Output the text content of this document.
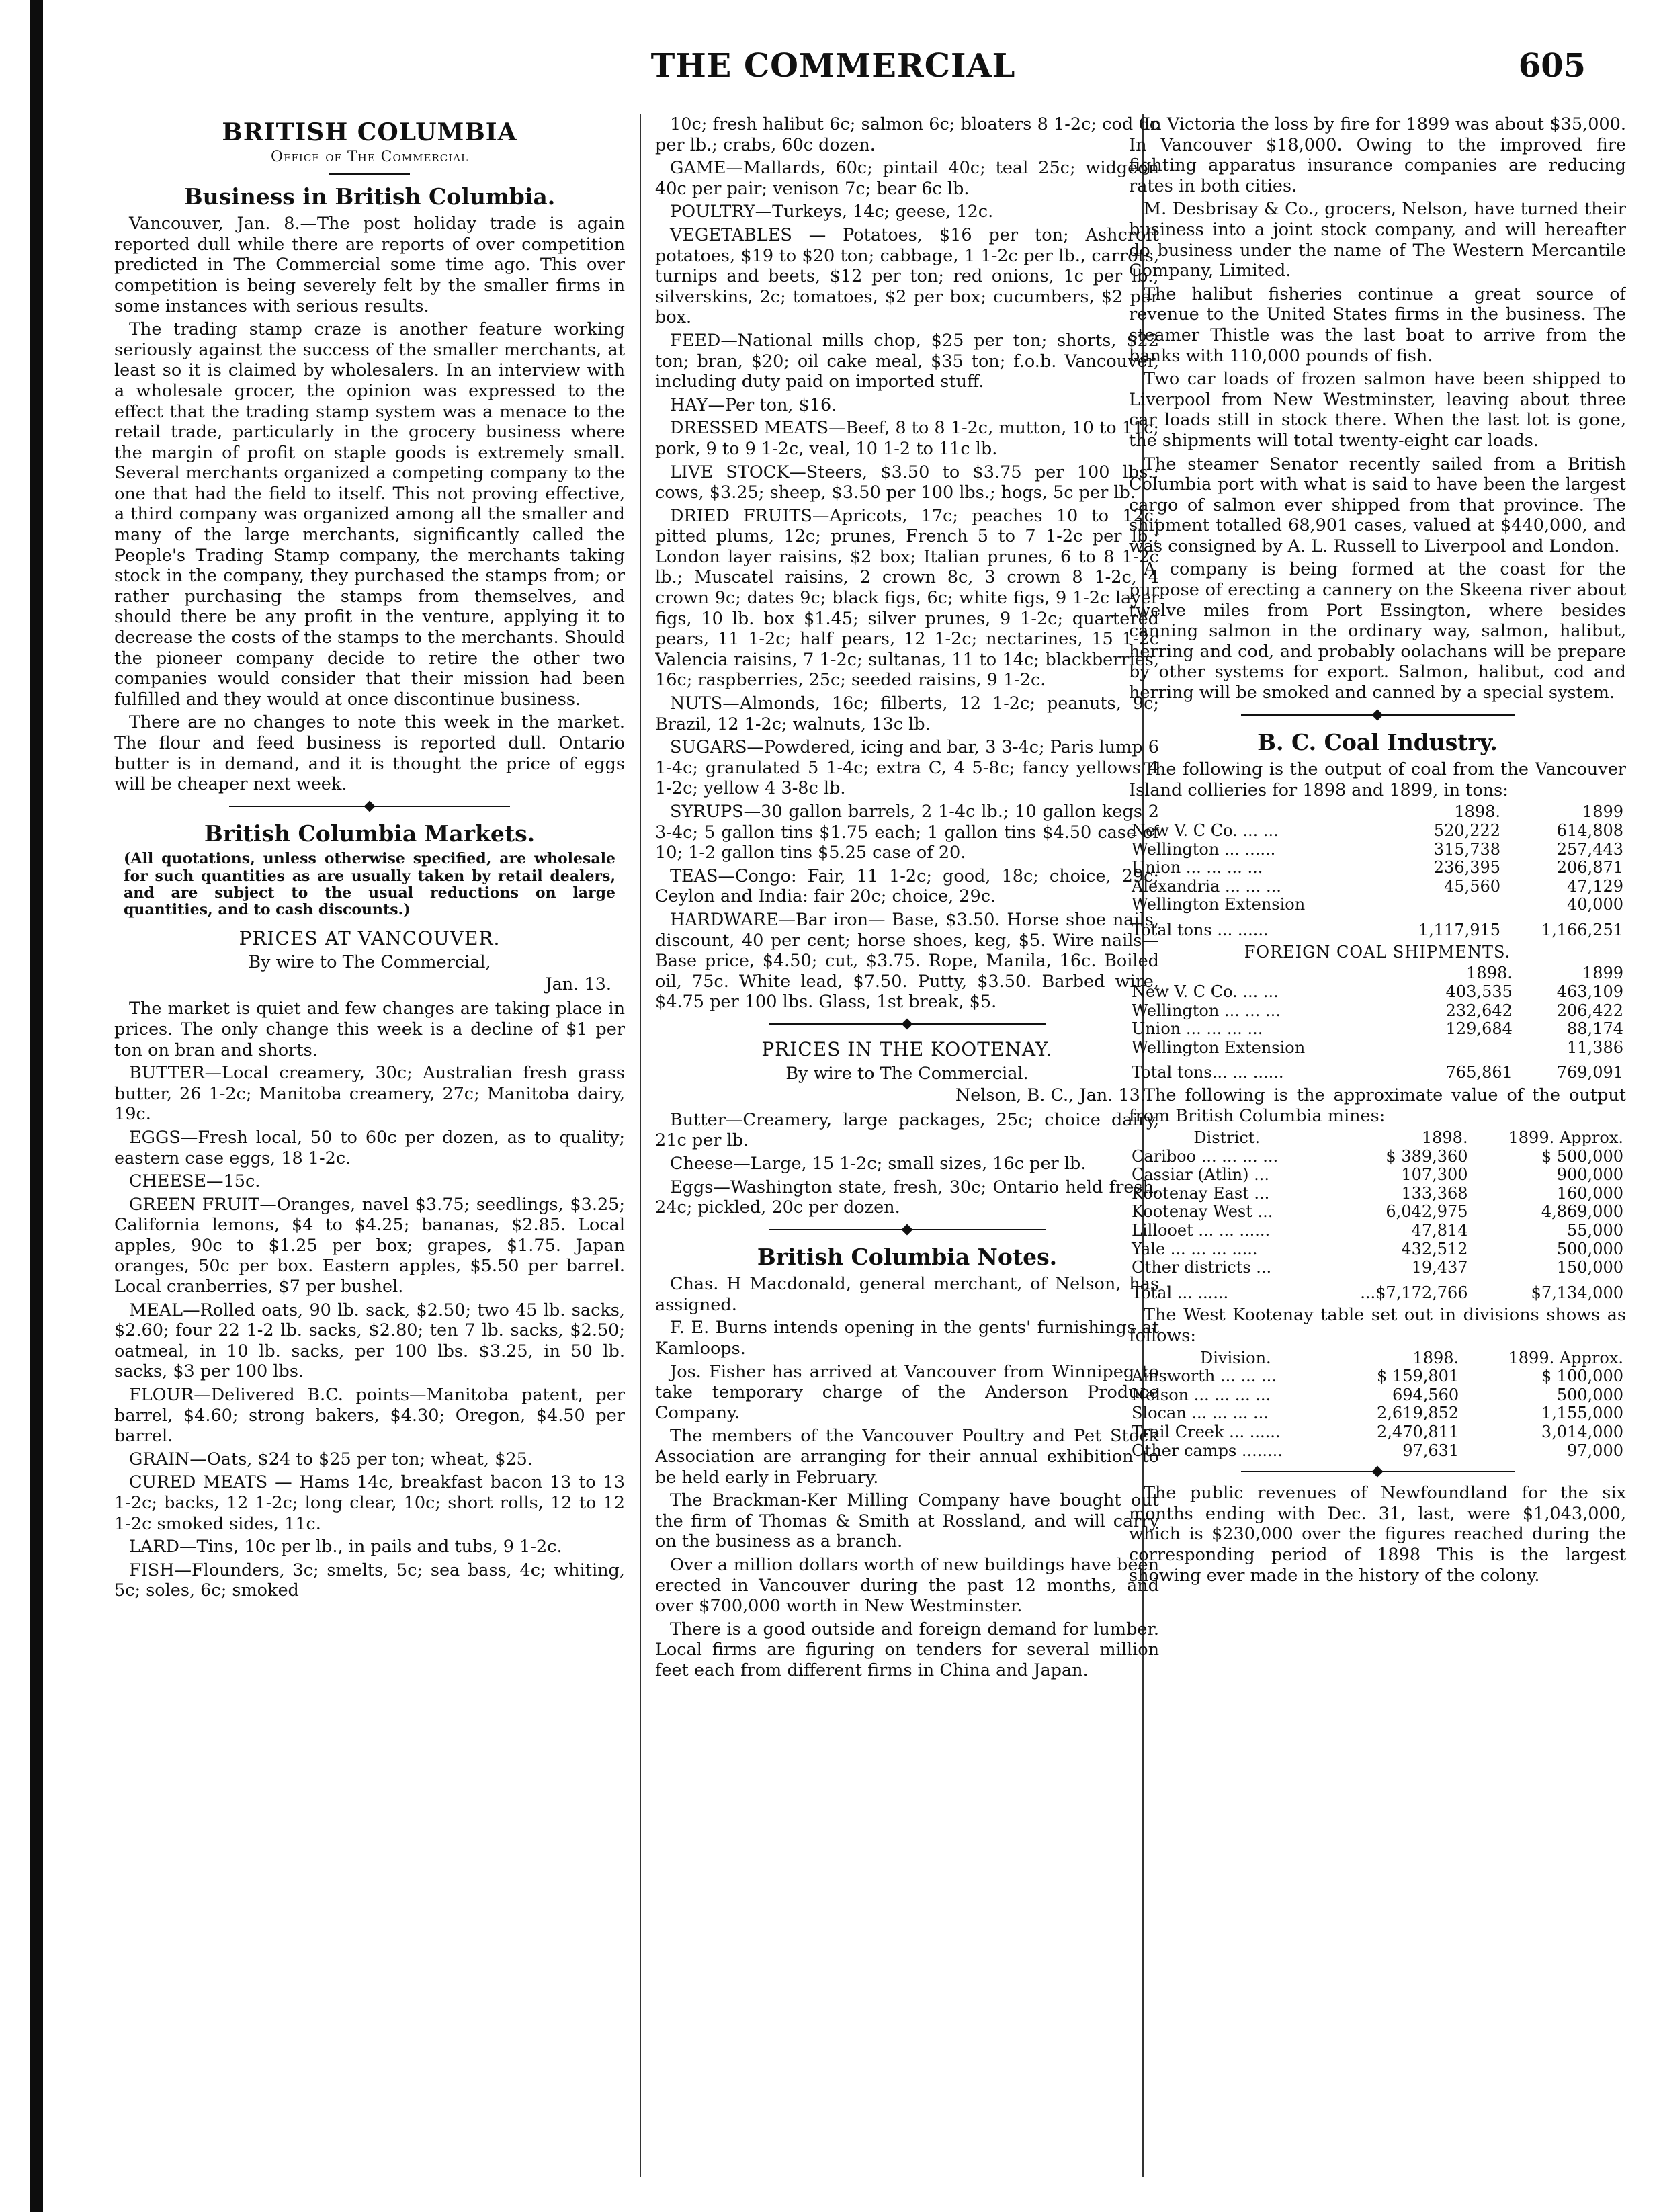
THE COMMERCIAL	605
BRITISH COLUMBIA
Office of The Commercial
Business in British Columbia.

Vancouver, Jan. 8.—The post holiday trade is again reported dull while there are reports of over competition predicted in The Commercial some time ago. This over competition is being severely felt by the smaller firms in some instances with serious results.

The trading stamp craze is another feature working seriously against the success of the smaller merchants, at least so it is claimed by wholesalers. In an interview with a wholesale grocer, the opinion was expressed to the effect that the trading stamp system was a menace to the retail trade, particularly in the grocery business where the margin of profit on staple goods is extremely small. Several merchants organized a competing company to the one that had the field to itself. This not proving effective, a third company was organized among all the smaller and many of the large merchants, significantly called the People's Trading Stamp company, the merchants taking stock in the company, they purchased the stamps from; or rather purchasing the stamps from themselves, and should there be any profit in the venture, applying it to decrease the costs of the stamps to the merchants. Should the pioneer company decide to retire the other two companies would consider that their mission had been fulfilled and they would at once discontinue business.

There are no changes to note this week in the market. The flour and feed business is reported dull. Ontario butter is in demand, and it is thought the price of eggs will be cheaper next week.

British Columbia Markets.
(All quotations, unless otherwise specified, are wholesale for such quantities as are usually taken by retail dealers, and are subject to the usual reductions on large quantities, and to cash discounts.)
PRICES AT VANCOUVER.
By wire to The Commercial,
Jan. 13.

The market is quiet and few changes are taking place in prices. The only change this week is a decline of $1 per ton on bran and shorts.

BUTTER—Local creamery, 30c; Australian fresh grass butter, 26 1-2c; Manitoba creamery, 27c; Manitoba dairy, 19c.

EGGS—Fresh local, 50 to 60c per dozen, as to quality; eastern case eggs, 18 1-2c.

CHEESE—15c.

GREEN FRUIT—Oranges, navel $3.75; seedlings, $3.25; California lemons, $4 to $4.25; bananas, $2.85. Local apples, 90c to $1.25 per box; grapes, $1.75. Japan oranges, 50c per box. Eastern apples, $5.50 per barrel. Local cranberries, $7 per bushel.

MEAL—Rolled oats, 90 lb. sack, $2.50; two 45 lb. sacks, $2.60; four 22 1-2 lb. sacks, $2.80; ten 7 lb. sacks, $2.50; oatmeal, in 10 lb. sacks, per 100 lbs. $3.25, in 50 lb. sacks, $3 per 100 lbs.

FLOUR—Delivered B.C. points—Manitoba patent, per barrel, $4.60; strong bakers, $4.30; Oregon, $4.50 per barrel.

GRAIN—Oats, $24 to $25 per ton; wheat, $25.

CURED MEATS — Hams 14c, breakfast bacon 13 to 13 1-2c; backs, 12 1-2c; long clear, 10c; short rolls, 12 to 12 1-2c smoked sides, 11c.

LARD—Tins, 10c per lb., in pails and tubs, 9 1-2c.

FISH—Flounders, 3c; smelts, 5c; sea bass, 4c; whiting, 5c; soles, 6c; smoked

10c; fresh halibut 6c; salmon 6c; bloaters 8 1-2c; cod 6c per lb.; crabs, 60c dozen.

GAME—Mallards, 60c; pintail 40c; teal 25c; widgeon 40c per pair; venison 7c; bear 6c lb.

POULTRY—Turkeys, 14c; geese, 12c.

VEGETABLES — Potatoes, $16 per ton; Ashcroft potatoes, $19 to $20 ton; cabbage, 1 1-2c per lb., carrots, turnips and beets, $12 per ton; red onions, 1c per lb.; silverskins, 2c; tomatoes, $2 per box; cucumbers, $2 per box.

FEED—National mills chop, $25 per ton; shorts, $22 ton; bran, $20; oil cake meal, $35 ton; f.o.b. Vancouver, including duty paid on imported stuff.

HAY—Per ton, $16.

DRESSED MEATS—Beef, 8 to 8 1-2c, mutton, 10 to 11c; pork, 9 to 9 1-2c, veal, 10 1-2 to 11c lb.

LIVE STOCK—Steers, $3.50 to $3.75 per 100 lbs.; cows, $3.25; sheep, $3.50 per 100 lbs.; hogs, 5c per lb.

DRIED FRUITS—Apricots, 17c; peaches 10 to 12c, pitted plums, 12c; prunes, French 5 to 7 1-2c per lb.; London layer raisins, $2 box; Italian prunes, 6 to 8 1-2c lb.; Muscatel raisins, 2 crown 8c, 3 crown 8 1-2c, 4 crown 9c; dates 9c; black figs, 6c; white figs, 9 1-2c layer figs, 10 lb. box $1.45; silver prunes, 9 1-2c; quartered pears, 11 1-2c; half pears, 12 1-2c; nectarines, 15 1-2c Valencia raisins, 7 1-2c; sultanas, 11 to 14c; blackberries, 16c; raspberries, 25c; seeded raisins, 9 1-2c.

NUTS—Almonds, 16c; filberts, 12 1-2c; peanuts, 9c; Brazil, 12 1-2c; walnuts, 13c lb.

SUGARS—Powdered, icing and bar, 3 3-4c; Paris lump 6 1-4c; granulated 5 1-4c; extra C, 4 5-8c; fancy yellows 4 1-2c; yellow 4 3-8c lb.

SYRUPS—30 gallon barrels, 2 1-4c lb.; 10 gallon kegs 2 3-4c; 5 gallon tins $1.75 each; 1 gallon tins $4.50 case of 10; 1-2 gallon tins $5.25 case of 20.

TEAS—Congo: Fair, 11 1-2c; good, 18c; choice, 29c; Ceylon and India: fair 20c; choice, 29c.

HARDWARE—Bar iron— Base, $3.50. Horse shoe nails, discount, 40 per cent; horse shoes, keg, $5. Wire nails—Base price, $4.50; cut, $3.75. Rope, Manila, 16c. Boiled oil, 75c. White lead, $7.50. Putty, $3.50. Barbed wire, $4.75 per 100 lbs. Glass, 1st break, $5.

PRICES IN THE KOOTENAY.
By wire to The Commercial.
Nelson, B. C., Jan. 13.

Butter—Creamery, large packages, 25c; choice dairy, 21c per lb.

Cheese—Large, 15 1-2c; small sizes, 16c per lb.

Eggs—Washington state, fresh, 30c; Ontario held fresh, 24c; pickled, 20c per dozen.

British Columbia Notes.

Chas. H Macdonald, general merchant, of Nelson, has assigned.

F. E. Burns intends opening in the gents' furnishings at Kamloops.

Jos. Fisher has arrived at Vancouver from Winnipeg to take temporary charge of the Anderson Produce Company.

The members of the Vancouver Poultry and Pet Stock Association are arranging for their annual exhibition to be held early in February.

The Brackman-Ker Milling Company have bought out the firm of Thomas & Smith at Rossland, and will carry on the business as a branch.

Over a million dollars worth of new buildings have been erected in Vancouver during the past 12 months, and over $700,000 worth in New Westminster.

There is a good outside and foreign demand for lumber. Local firms are figuring on tenders for several million feet each from different firms in China and Japan.

In Victoria the loss by fire for 1899 was about $35,000. In Vancouver $18,000. Owing to the improved fire fighting apparatus insurance companies are reducing rates in both cities.

M. Desbrisay & Co., grocers, Nelson, have turned their business into a joint stock company, and will hereafter do business under the name of The Western Mercantile Company, Limited.

The halibut fisheries continue a great source of revenue to the United States firms in the business. The steamer Thistle was the last boat to arrive from the banks with 110,000 pounds of fish.

Two car loads of frozen salmon have been shipped to Liverpool from New Westminster, leaving about three car loads still in stock there. When the last lot is gone, the shipments will total twenty-eight car loads.

The steamer Senator recently sailed from a British Columbia port with what is said to have been the largest cargo of salmon ever shipped from that province. The shipment totalled 68,901 cases, valued at $440,000, and was consigned by A. L. Russell to Liverpool and London.

A company is being formed at the coast for the purpose of erecting a cannery on the Skeena river about twelve miles from Port Essington, where besides canning salmon in the ordinary way, salmon, halibut, herring and cod, and probably oolachans will be prepare by other systems for export. Salmon, halibut, cod and herring will be smoked and canned by a special system.

B. C. Coal Industry.

The following is the output of coal from the Vancouver Island collieries for 1898 and 1899, in tons:

	1898.	1899
New V. C Co. ... ...	520,222	614,808
Wellington ... ......	315,738	257,443
Union ... ... ... ...	236,395	206,871
Alexandria ... ... ...	45,560	47,129
Wellington Extension		40,000
Total tons ... ......	1,117,915	1,166,251
FOREIGN COAL SHIPMENTS.
	1898.	1899
New V. C Co. ... ...	403,535	463,109
Wellington ... ... ...	232,642	206,422
Union ... ... ... ...	129,684	88,174
Wellington Extension		11,386
Total tons... ... ......	765,861	769,091

The following is the approximate value of the output from British Columbia mines:

District.	1898.	1899. Approx.
Cariboo ... ... ... ...	$ 389,360	$ 500,000
Cassiar (Atlin) ...	107,300	900,000
Kootenay East ...	133,368	160,000
Kootenay West ...	6,042,975	4,869,000
Lillooet ... ... ......	47,814	55,000
Yale ... ... ... .....	432,512	500,000
Other districts ...	19,437	150,000
Total ... ......	...$7,172,766	$7,134,000

The West Kootenay table set out in divisions shows as follows:

Division.	1898.	1899. Approx.
Ainsworth ... ... ...	$ 159,801	$ 100,000
Nelson ... ... ... ...	694,560	500,000
Slocan ... ... ... ...	2,619,852	1,155,000
Trail Creek ... ......	2,470,811	3,014,000
Other camps ........	97,631	97,000

The public revenues of Newfoundland for the six months ending with Dec. 31, last, were $1,043,000, which is $230,000 over the figures reached during the corresponding period of 1898 This is the largest showing ever made in the history of the colony.
